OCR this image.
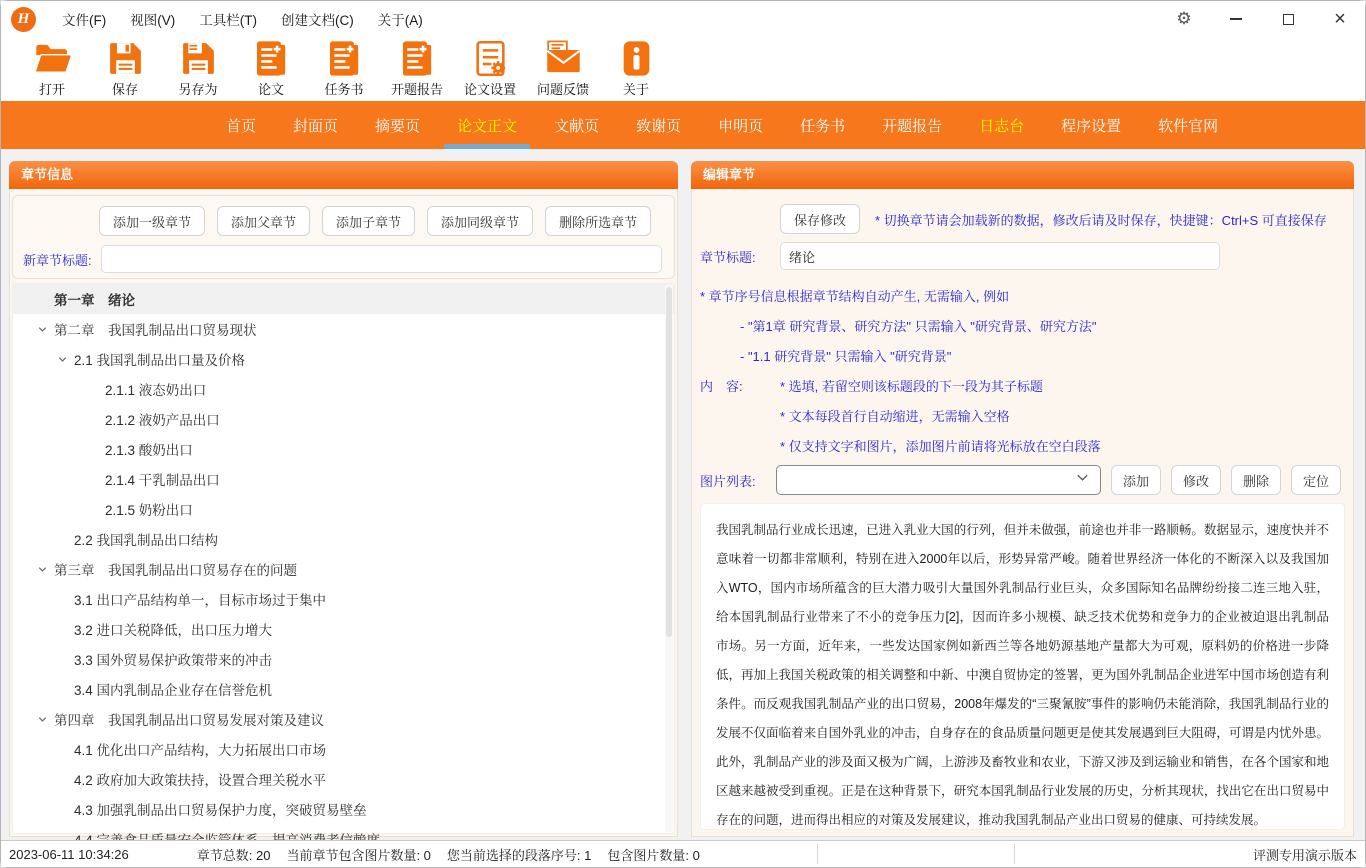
H	文件(F)	视图(V)	工具栏(T)	创建文档(C)	关于(A)	⚙	×
打开	保存	另存为	论文	任务书 开题报告 论文设置 问题反馈	关于
首页 封面页 摘要页 论文正文 文献页 致谢页 申明页 任务书 开题报告 日志台 程序设置 软件官网
章节信息
添加一级章节	添加父章节	添加子章节	添加同级章节	删除所选章节
新章节标题:
第一章　绪论
第二章　我国乳制品出口贸易现状
2.1 我国乳制品出口量及价格
2.1.1 液态奶出口
2.1.2 液奶产品出口
2.1.3 酸奶出口
2.1.4 干乳制品出口
2.1.5 奶粉出口
2.2 我国乳制品出口结构
第三章　我国乳制品出口贸易存在的问题
3.1 出口产品结构单一，目标市场过于集中
3.2 进口关税降低，出口压力增大
3.3 国外贸易保护政策带来的冲击
3.4 国内乳制品企业存在信誉危机
第四章　我国乳制品出口贸易发展对策及建议
4.1 优化出口产品结构，大力拓展出口市场
4.2 政府加大政策扶持，设置合理关税水平
4.3 加强乳制品出口贸易保护力度，突破贸易壁垒
编辑章节
保存修改	* 切换章节请会加载新的数据，修改后请及时保存，快捷键：Ctrl+S 可直接保存
章节标题:
绪论
* 章节序号信息根据章节结构自动产生, 无需输入, 例如
- "第1章 研究背景、研究方法" 只需输入 "研究背景、研究方法"
- "1.1 研究背景" 只需输入 "研究背景"
内　容:	* 选填, 若留空则该标题段的下一段为其子标题
* 文本每段首行自动缩进，无需输入空格
* 仅支持文字和图片，添加图片前请将光标放在空白段落
图片列表:	添加	修改	删除	定位
我国乳制品行业成长迅速，已进入乳业大国的行列，但并未做强，前途也并非一路顺畅。数据显示，速度快并不意味着一切都非常顺利，特别在进入2000年以后，形势异常严峻。随着世界经济一体化的不断深入以及我国加入WTO，国内市场所蕴含的巨大潜力吸引大量国外乳制品行业巨头，众多国际知名品牌纷纷接二连三地入驻，给本国乳制品行业带来了不小的竞争压力[2]，因而许多小规模、缺乏技术优势和竞争力的企业被迫退出乳制品市场。另一方面，近年来，一些发达国家例如新西兰等各地奶源基地产量都大为可观，原料奶的价格进一步降低，再加上我国关税政策的相关调整和中新、中澳自贸协定的签署，更为国外乳制品企业进军中国市场创造有利条件。而反观我国乳制品产业的出口贸易，2008年爆发的“三聚氰胺”事件的影响仍未能消除，我国乳制品行业的发展不仅面临着来自国外乳业的冲击，自身存在的食品质量问题更是使其发展遇到巨大阻碍，可谓是内忧外患。此外，乳制品产业的涉及面又极为广阔，上游涉及畜牧业和农业，下游又涉及到运输业和销售，在各个国家和地区越来越被受到重视。正是在这种背景下，研究本国乳制品行业发展的历史，分析其现状，找出它在出口贸易中存在的问题，进而得出相应的对策及发展建议，推动我国乳制品产业出口贸易的健康、可持续发展。
2023-06-11 10:34:26	章节总数: 20 当前章节包含图片数量: 0 您当前选择的段落序号: 1 包含图片数量: 0	评测专用演示版本
